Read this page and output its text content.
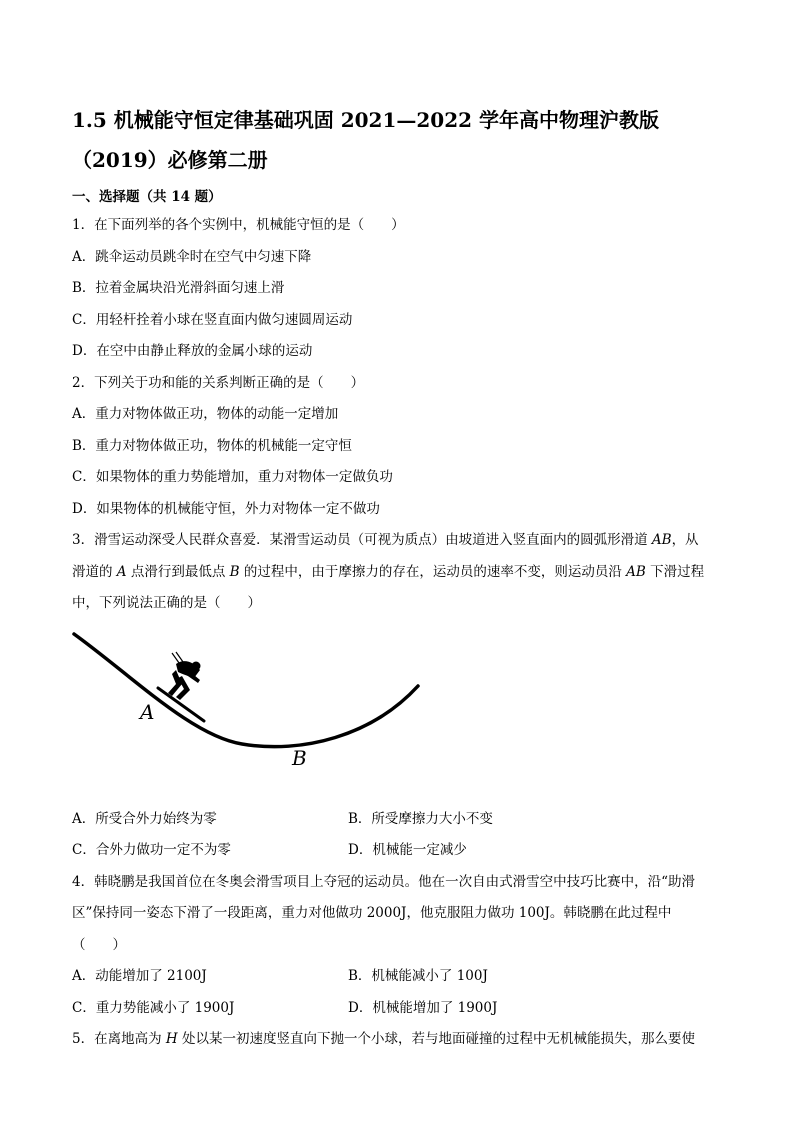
1.5 机械能守恒定律基础巩固 2021—2022 学年高中物理沪教版
（2019）必修第二册
一、选择题（共 14 题）
1．在下面列举的各个实例中，机械能守恒的是（　　）
A．跳伞运动员跳伞时在空气中匀速下降
B．拉着金属块沿光滑斜面匀速上滑
C．用轻杆拴着小球在竖直面内做匀速圆周运动
D．在空中由静止释放的金属小球的运动
2．下列关于功和能的关系判断正确的是（　　）
A．重力对物体做正功，物体的动能一定增加
B．重力对物体做正功，物体的机械能一定守恒
C．如果物体的重力势能增加，重力对物体一定做负功
D．如果物体的机械能守恒，外力对物体一定不做功
3．滑雪运动深受人民群众喜爱．某滑雪运动员（可视为质点）由坡道进入竖直面内的圆弧形滑道 AB，从
滑道的 A 点滑行到最低点 B 的过程中，由于摩擦力的存在，运动员的速率不变，则运动员沿 AB 下滑过程
中，下列说法正确的是（　　）
A
B
A．所受合外力始终为零	B．所受摩擦力大小不变
C．合外力做功一定不为零	D．机械能一定减少
4．韩晓鹏是我国首位在冬奥会滑雪项目上夺冠的运动员。他在一次自由式滑雪空中技巧比赛中，沿“助滑
区”保持同一姿态下滑了一段距离，重力对他做功 2000J，他克服阻力做功 100J。韩晓鹏在此过程中
（　　）
A．动能增加了 2100J	B．机械能减小了 100J
C．重力势能减小了 1900J	D．机械能增加了 1900J
5．在离地高为 H 处以某一初速度竖直向下抛一个小球，若与地面碰撞的过程中无机械能损失，那么要使
